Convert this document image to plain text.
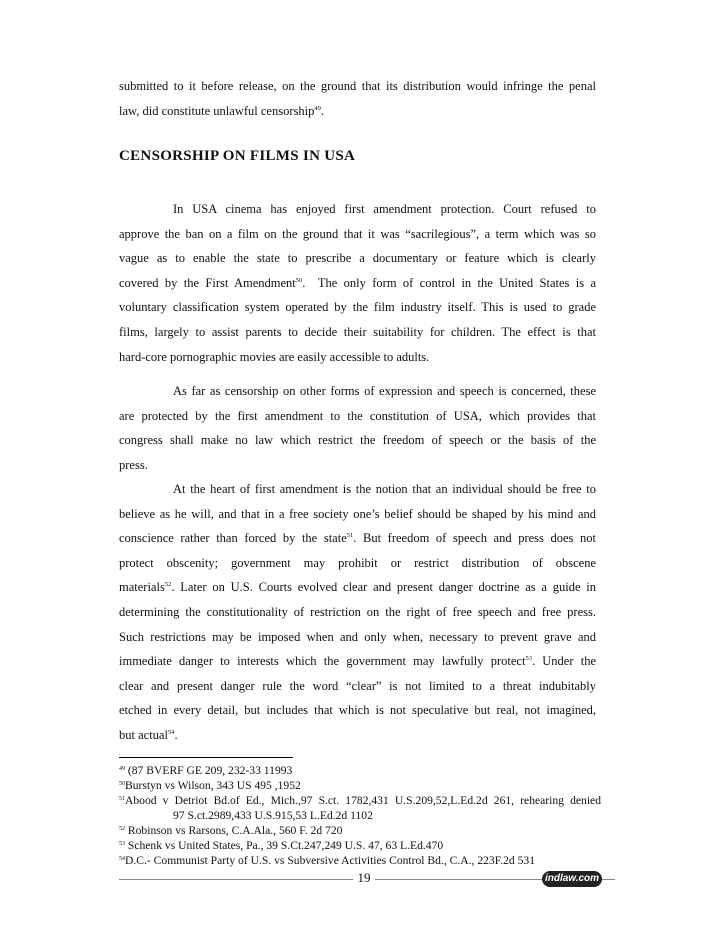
submitted to it before release, on the ground that its distribution would infringe the penal
law, did constitute unlawful censorship$^{49}$.
CENSORSHIP ON FILMS IN USA
In USA cinema has enjoyed first amendment protection. Court refused to
approve the ban on a film on the ground that it was “sacrilegious”, a term which was so
vague as to enable the state to prescribe a documentary or feature which is clearly
covered by the First Amendment$^{50}$.  The only form of control in the United States is a
voluntary classification system operated by the film industry itself. This is used to grade
films, largely to assist parents to decide their suitability for children. The effect is that
hard-core pornographic movies are easily accessible to adults.
As far as censorship on other forms of expression and speech is concerned, these
are protected by the first amendment to the constitution of USA, which provides that
congress shall make no law which restrict the freedom of speech or the basis of the
press.
At the heart of first amendment is the notion that an individual should be free to
believe as he will, and that in a free society one’s belief should be shaped by his mind and
conscience rather than forced by the state$^{51}$. But freedom of speech and press does not
protect obscenity; government may prohibit or restrict distribution of obscene
materials$^{52}$. Later on U.S. Courts evolved clear and present danger doctrine as a guide in
determining the constitutionality of restriction on the right of free speech and free press.
Such restrictions may be imposed when and only when, necessary to prevent grave and
immediate danger to interests which the government may lawfully protect$^{53}$. Under the
clear and present danger rule the word “clear” is not limited to a threat indubitably
etched in every detail, but includes that which is not speculative but real, not imagined,
but actual$^{54}$.
$^{49}$ (87 BVERF GE 209, 232-33 11993
$^{50}$Burstyn vs Wilson, 343 US 495 ,1952
$^{51}$Abood v Detriot Bd.of Ed., Mich.,97 S.ct. 1782,431 U.S.209,52,L.Ed.2d 261, rehearing denied
97 S.ct.2989,433 U.S.915,53 L.Ed.2d 1102
$^{52}$ Robinson vs Rarsons, C.A.Ala., 560 F. 2d 720
$^{53}$ Schenk vs United States, Pa., 39 S.Ct.247,249 U.S. 47, 63 L.Ed.470
$^{54}$D.C.- Communist Party of U.S. vs Subversive Activities Control Bd., C.A., 223F.2d 531
19	indlaw.com
